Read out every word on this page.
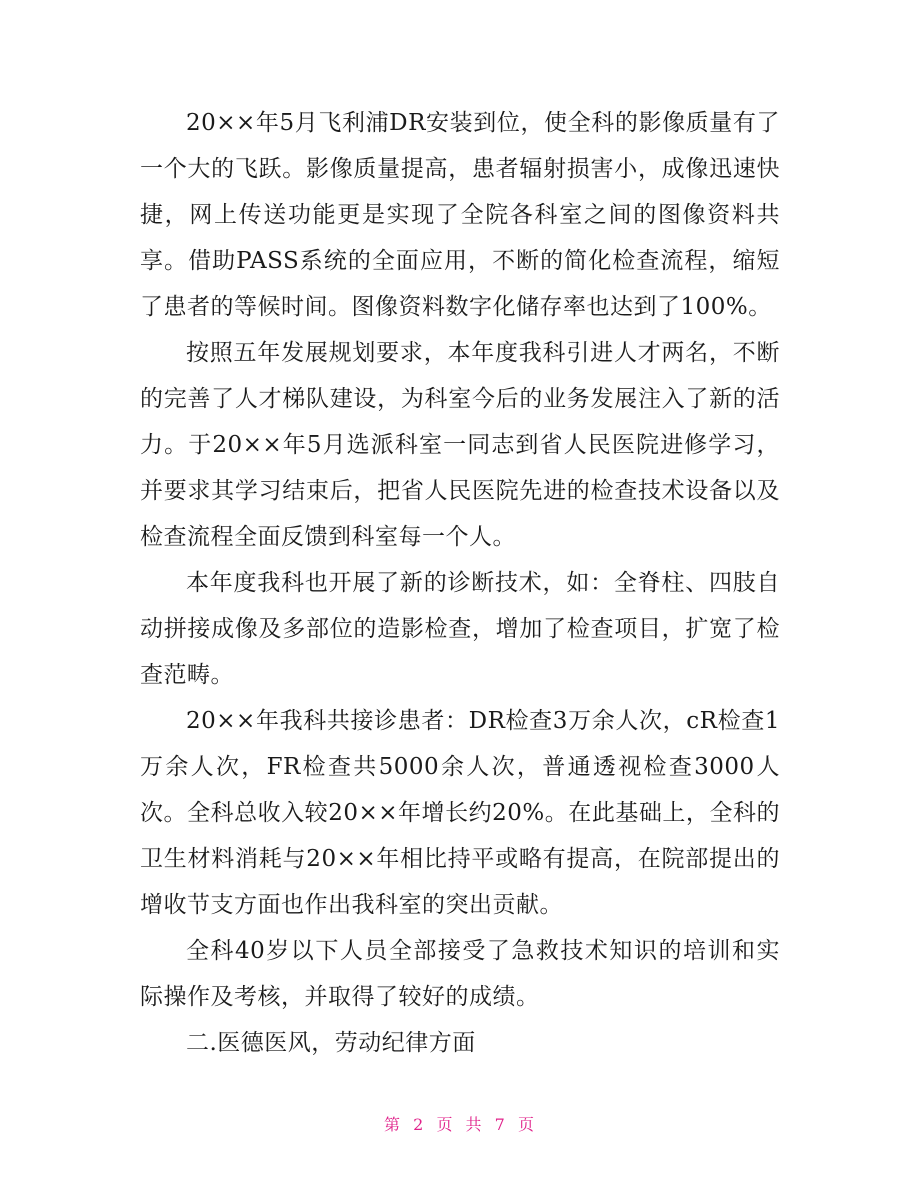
20××年5月飞利浦DR安装到位，使全科的影像质量有了一个大的飞跃。影像质量提高，患者辐射损害小，成像迅速快捷，网上传送功能更是实现了全院各科室之间的图像资料共享。借助PASS系统的全面应用，不断的简化检查流程，缩短了患者的等候时间。图像资料数字化储存率也达到了100%。

按照五年发展规划要求，本年度我科引进人才两名，不断的完善了人才梯队建设，为科室今后的业务发展注入了新的活力。于20××年5月选派科室一同志到省人民医院进修学习，并要求其学习结束后，把省人民医院先进的检查技术设备以及检查流程全面反馈到科室每一个人。

本年度我科也开展了新的诊断技术，如：全脊柱、四肢自动拼接成像及多部位的造影检查，增加了检查项目，扩宽了检查范畴。

20××年我科共接诊患者：DR检查3万余人次，cR检查1万余人次，FR检查共5000余人次，普通透视检查3000人次。全科总收入较20××年增长约20%。在此基础上，全科的卫生材料消耗与20××年相比持平或略有提高，在院部提出的增收节支方面也作出我科室的突出贡献。

全科40岁以下人员全部接受了急救技术知识的培训和实际操作及考核，并取得了较好的成绩。

二.医德医风，劳动纪律方面

第 2 页 共 7 页
